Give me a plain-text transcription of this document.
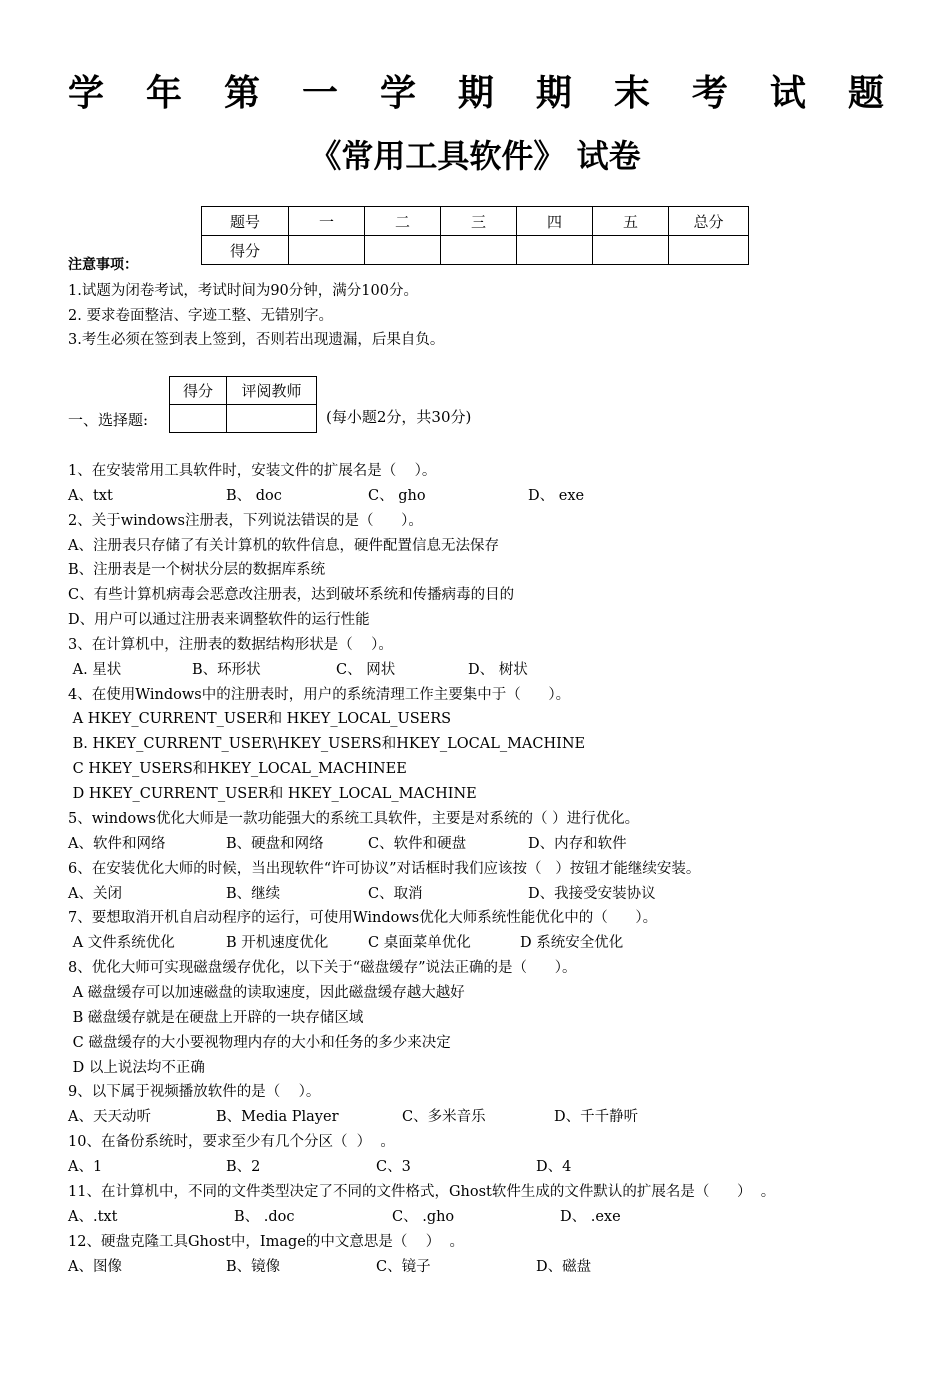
学 年 第 一 学 期 期 末 考 试 题
《常用工具软件》 试卷
题号	一	二	三	四	五	总分
得分						
注意事项：
1.试题为闭卷考试，考试时间为90分钟，满分100分。
2. 要求卷面整洁、字迹工整、无错别字。
3.考生必须在签到表上签到，否则若出现遗漏，后果自负。
得分	评阅教师

一、选择题:	(每小题2分，共30分)
1、在安装常用工具软件时，安装文件的扩展名是（    ）。

A、txt

	B、 doc

	C、 gho

	D、 exe

2、关于windows注册表，下列说法错误的是（      ）。
A、注册表只存储了有关计算机的软件信息，硬件配置信息无法保存
B、注册表是一个树状分层的数据库系统
C、有些计算机病毒会恶意改注册表，达到破坏系统和传播病毒的目的
D、用户可以通过注册表来调整软件的运行性能
3、在计算机中，注册表的数据结构形状是（    ）。

A. 星状

	B、环形状

	C、 网状

	D、 树状

4、在使用Windows中的注册表时，用户的系统清理工作主要集中于（      ）。
A HKEY_CURRENT_USER和 HKEY_LOCAL_USERS
B. HKEY_CURRENT_USER\HKEY_USERS和HKEY_LOCAL_MACHINE
C HKEY_USERS和HKEY_LOCAL_MACHINEE
D HKEY_CURRENT_USER和 HKEY_LOCAL_MACHINE
5、windows优化大师是一款功能强大的系统工具软件，主要是对系统的（ ）进行优化。

A、软件和网络

	B、硬盘和网络

	C、软件和硬盘

	D、内存和软件

6、在安装优化大师的时候，当出现软件“许可协议”对话框时我们应该按（   ）按钮才能继续安装。

A、关闭

	B、继续

	C、取消

	D、我接受安装协议

7、要想取消开机自启动程序的运行，可使用Windows优化大师系统性能优化中的（      ）。

A 文件系统优化

	B 开机速度优化

	C 桌面菜单优化

	D 系统安全优化

8、优化大师可实现磁盘缓存优化，以下关于“磁盘缓存”说法正确的是（      ）。
A 磁盘缓存可以加速磁盘的读取速度，因此磁盘缓存越大越好
B 磁盘缓存就是在硬盘上开辟的一块存储区域
C 磁盘缓存的大小要视物理内存的大小和任务的多少来决定
D 以上说法均不正确
9、以下属于视频播放软件的是（    ）。

A、天天动听

	B、Media Player

	C、多米音乐

	D、千千静听

10、在备份系统时，要求至少有几个分区（  ）  。

A、1

	B、2

	C、3

	D、4

11、在计算机中，不同的文件类型决定了不同的文件格式，Ghost软件生成的文件默认的扩展名是（      ）  。

A、.txt

	B、 .doc

	C、 .gho

	D、 .exe

12、硬盘克隆工具Ghost中，Image的中文意思是（    ）  。

A、图像

	B、镜像

	C、镜子

	D、磁盘
